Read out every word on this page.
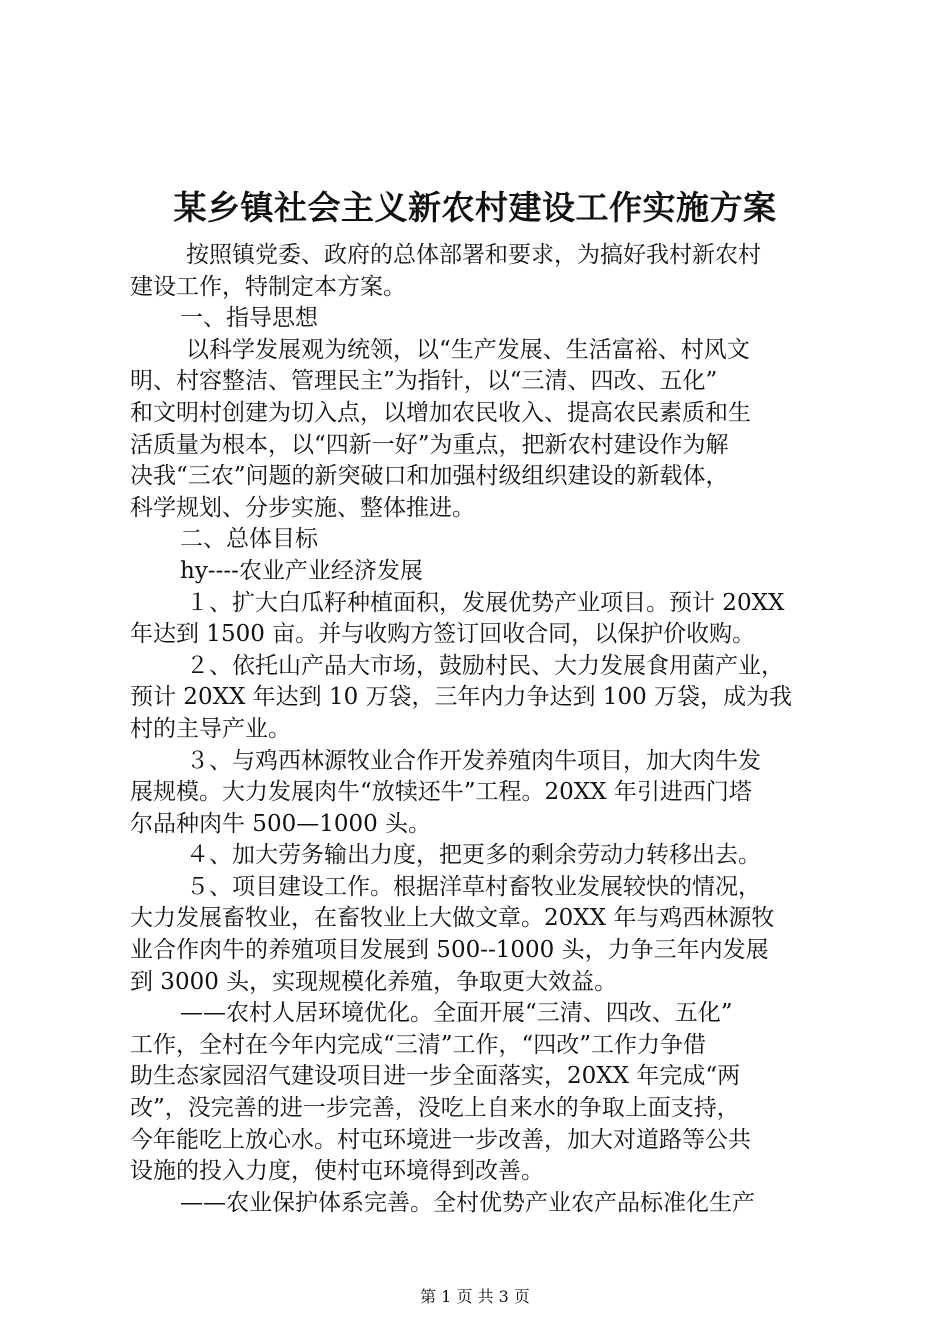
某乡镇社会主义新农村建设工作实施方案
按照镇党委、政府的总体部署和要求，为搞好我村新农村
建设工作，特制定本方案。
一、指导思想
以科学发展观为统领，以“生产发展、生活富裕、村风文
明、村容整洁、管理民主”为指针，以“三清、四改、五化”
和文明村创建为切入点，以增加农民收入、提高农民素质和生
活质量为根本，以“四新一好”为重点，把新农村建设作为解
决我“三农”问题的新突破口和加强村级组织建设的新载体，
科学规划、分步实施、整体推进。
二、总体目标
hy----农业产业经济发展
１、扩大白瓜籽种植面积，发展优势产业项目。预计 20XX
年达到 1500 亩。并与收购方签订回收合同，以保护价收购。
２、依托山产品大市场，鼓励村民、大力发展食用菌产业，
预计 20XX 年达到 10 万袋，三年内力争达到 100 万袋，成为我
村的主导产业。
３、与鸡西林源牧业合作开发养殖肉牛项目，加大肉牛发
展规模。大力发展肉牛“放犊还牛”工程。20XX 年引进西门塔
尔品种肉牛 500—1000 头。
４、加大劳务输出力度，把更多的剩余劳动力转移出去。
５、项目建设工作。根据洋草村畜牧业发展较快的情况，
大力发展畜牧业，在畜牧业上大做文章。20XX 年与鸡西林源牧
业合作肉牛的养殖项目发展到 500--1000 头，力争三年内发展
到 3000 头，实现规模化养殖，争取更大效益。
——农村人居环境优化。全面开展“三清、四改、五化”
工作，全村在今年内完成“三清”工作，“四改”工作力争借
助生态家园沼气建设项目进一步全面落实，20XX 年完成“两
改”，没完善的进一步完善，没吃上自来水的争取上面支持，
今年能吃上放心水。村屯环境进一步改善，加大对道路等公共
设施的投入力度，使村屯环境得到改善。
——农业保护体系完善。全村优势产业农产品标准化生产
第 1 页 共 3 页
